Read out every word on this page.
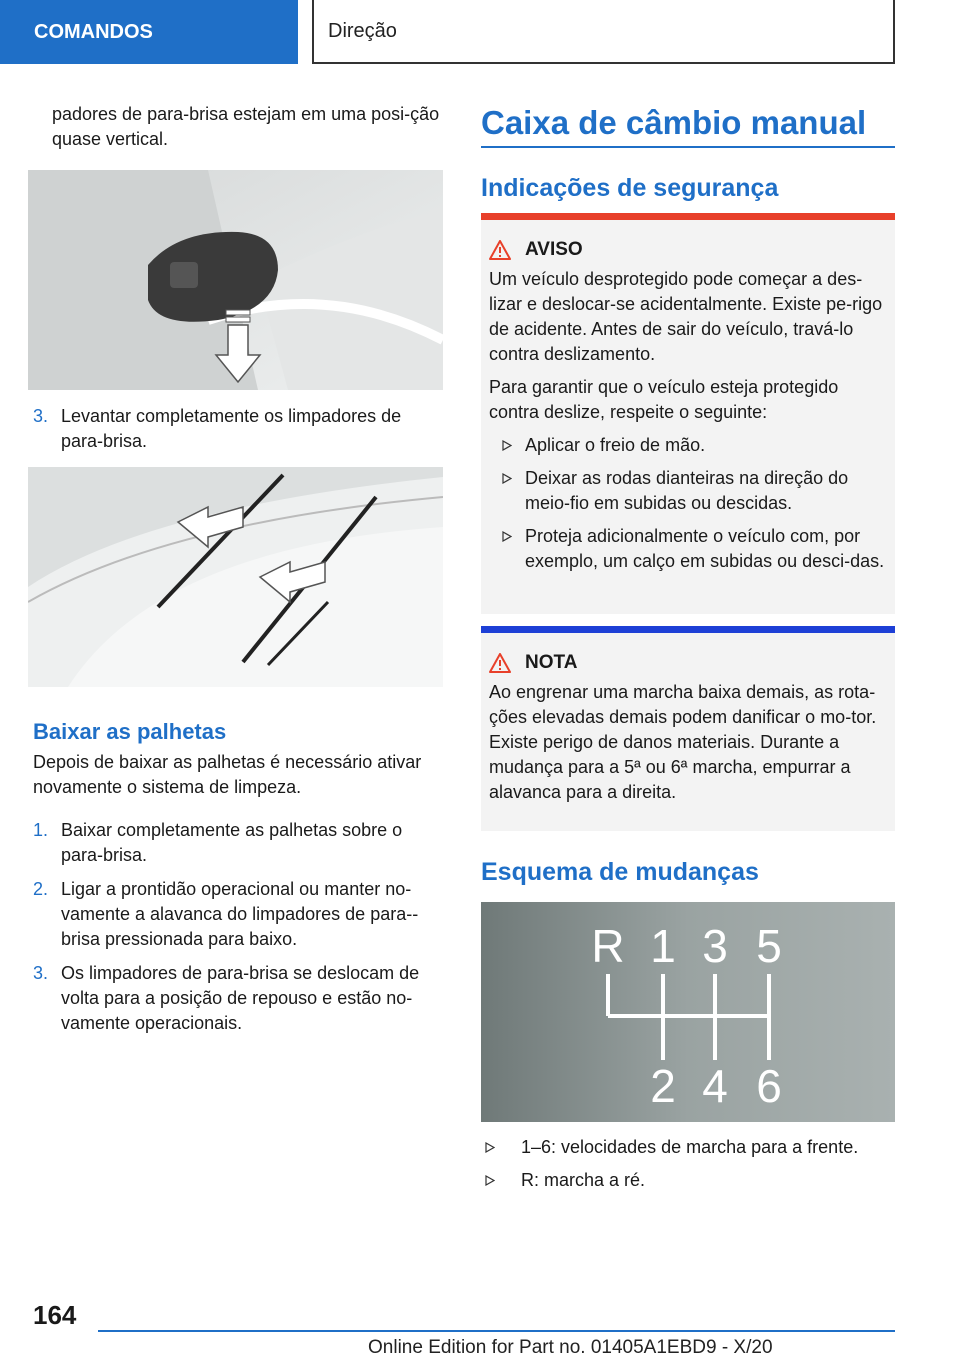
COMANDOS	Direção

padores de para-brisa estejam em uma posi-ção quase vertical.

3. Levantar completamente os limpadores de para-brisa.
Baixar as palhetas

Depois de baixar as palhetas é necessário ativar novamente o sistema de limpeza.

1. Baixar completamente as palhetas sobre o para-brisa.
2. Ligar a prontidão operacional ou manter no-vamente a alavanca do limpadores de para--brisa pressionada para baixo.
3. Os limpadores de para-brisa se deslocam de volta para a posição de repouso e estão no-vamente operacionais.
Caixa de câmbio manual
Indicações de segurança
AVISO

Um veículo desprotegido pode começar a des-lizar e deslocar-se acidentalmente. Existe pe-rigo de acidente. Antes de sair do veículo, travá-lo contra deslizamento.

Para garantir que o veículo esteja protegido contra deslize, respeite o seguinte:

Aplicar o freio de mão.
Deixar as rodas dianteiras na direção do meio-fio em subidas ou descidas.
Proteja adicionalmente o veículo com, por exemplo, um calço em subidas ou desci-das.
NOTA

Ao engrenar uma marcha baixa demais, as rota-ções elevadas demais podem danificar o mo-tor. Existe perigo de danos materiais. Durante a mudança para a 5ª ou 6ª marcha, empurrar a alavanca para a direita.

Esquema de mudanças
R 1 3 5
2 4 6
1–6: velocidades de marcha para a frente.
R: marcha a ré.
164
Online Edition for Part no. 01405A1EBD9 - X/20
